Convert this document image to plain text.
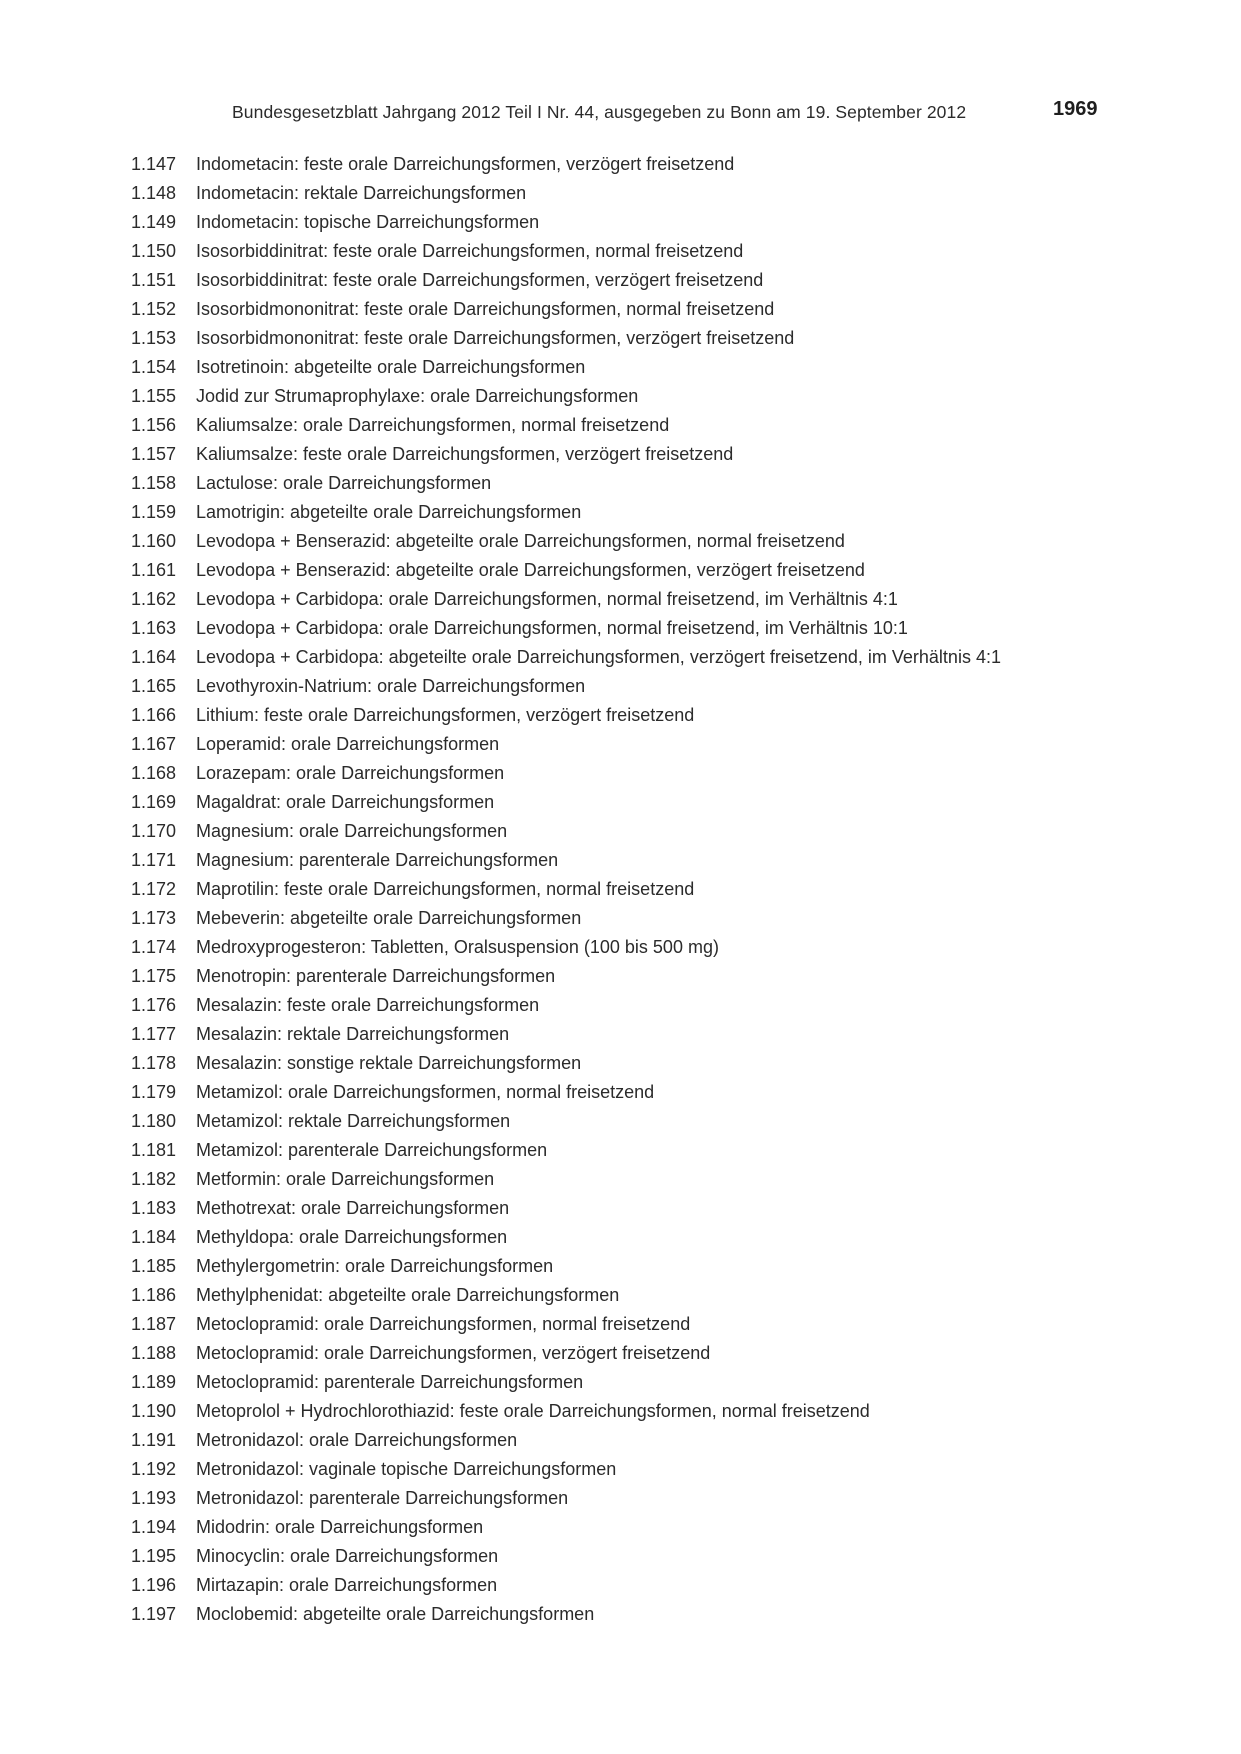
Bundesgesetzblatt Jahrgang 2012 Teil I Nr. 44, ausgegeben zu Bonn am 19. September 2012	1969
1.147	Indometacin: feste orale Darreichungsformen, verzögert freisetzend
1.148	Indometacin: rektale Darreichungsformen
1.149	Indometacin: topische Darreichungsformen
1.150	Isosorbiddinitrat: feste orale Darreichungsformen, normal freisetzend
1.151	Isosorbiddinitrat: feste orale Darreichungsformen, verzögert freisetzend
1.152	Isosorbidmononitrat: feste orale Darreichungsformen, normal freisetzend
1.153	Isosorbidmononitrat: feste orale Darreichungsformen, verzögert freisetzend
1.154	Isotretinoin: abgeteilte orale Darreichungsformen
1.155	Jodid zur Strumaprophylaxe: orale Darreichungsformen
1.156	Kaliumsalze: orale Darreichungsformen, normal freisetzend
1.157	Kaliumsalze: feste orale Darreichungsformen, verzögert freisetzend
1.158	Lactulose: orale Darreichungsformen
1.159	Lamotrigin: abgeteilte orale Darreichungsformen
1.160	Levodopa + Benserazid: abgeteilte orale Darreichungsformen, normal freisetzend
1.161	Levodopa + Benserazid: abgeteilte orale Darreichungsformen, verzögert freisetzend
1.162	Levodopa + Carbidopa: orale Darreichungsformen, normal freisetzend, im Verhältnis 4:1
1.163	Levodopa + Carbidopa: orale Darreichungsformen, normal freisetzend, im Verhältnis 10:1
1.164	Levodopa + Carbidopa: abgeteilte orale Darreichungsformen, verzögert freisetzend, im Verhältnis 4:1
1.165	Levothyroxin-Natrium: orale Darreichungsformen
1.166	Lithium: feste orale Darreichungsformen, verzögert freisetzend
1.167	Loperamid: orale Darreichungsformen
1.168	Lorazepam: orale Darreichungsformen
1.169	Magaldrat: orale Darreichungsformen
1.170	Magnesium: orale Darreichungsformen
1.171	Magnesium: parenterale Darreichungsformen
1.172	Maprotilin: feste orale Darreichungsformen, normal freisetzend
1.173	Mebeverin: abgeteilte orale Darreichungsformen
1.174	Medroxyprogesteron: Tabletten, Oralsuspension (100 bis 500 mg)
1.175	Menotropin: parenterale Darreichungsformen
1.176	Mesalazin: feste orale Darreichungsformen
1.177	Mesalazin: rektale Darreichungsformen
1.178	Mesalazin: sonstige rektale Darreichungsformen
1.179	Metamizol: orale Darreichungsformen, normal freisetzend
1.180	Metamizol: rektale Darreichungsformen
1.181	Metamizol: parenterale Darreichungsformen
1.182	Metformin: orale Darreichungsformen
1.183	Methotrexat: orale Darreichungsformen
1.184	Methyldopa: orale Darreichungsformen
1.185	Methylergometrin: orale Darreichungsformen
1.186	Methylphenidat: abgeteilte orale Darreichungsformen
1.187	Metoclopramid: orale Darreichungsformen, normal freisetzend
1.188	Metoclopramid: orale Darreichungsformen, verzögert freisetzend
1.189	Metoclopramid: parenterale Darreichungsformen
1.190	Metoprolol + Hydrochlorothiazid: feste orale Darreichungsformen, normal freisetzend
1.191	Metronidazol: orale Darreichungsformen
1.192	Metronidazol: vaginale topische Darreichungsformen
1.193	Metronidazol: parenterale Darreichungsformen
1.194	Midodrin: orale Darreichungsformen
1.195	Minocyclin: orale Darreichungsformen
1.196	Mirtazapin: orale Darreichungsformen
1.197	Moclobemid: abgeteilte orale Darreichungsformen
